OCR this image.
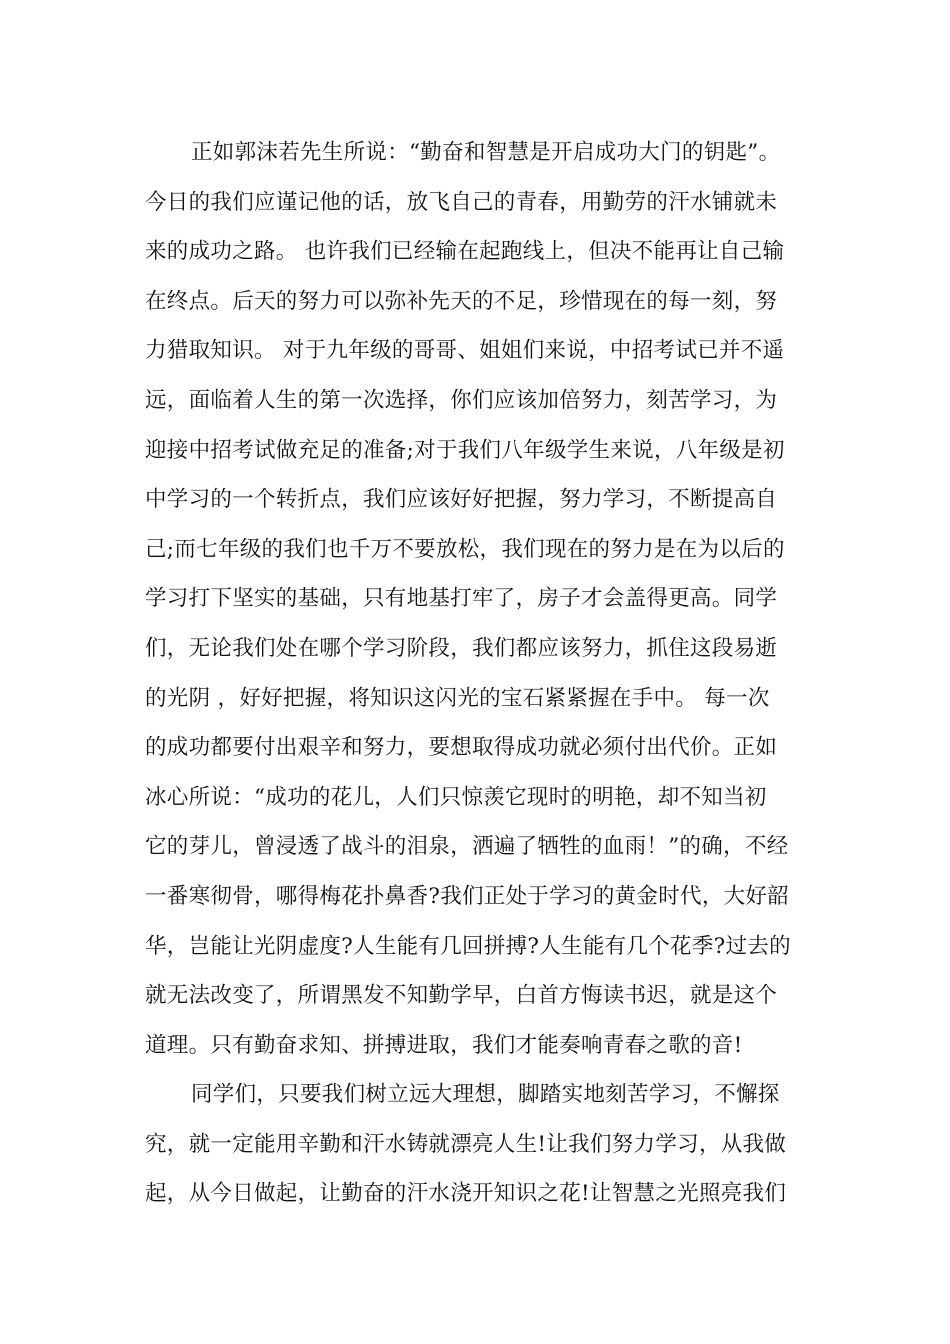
正如郭沫若先生所说：“勤奋和智慧是开启成功大门的钥匙”。
今日的我们应谨记他的话，放飞自己的青春，用勤劳的汗水铺就未
来的成功之路。 也许我们已经输在起跑线上，但决不能再让自己输
在终点。后天的努力可以弥补先天的不足，珍惜现在的每一刻，努
力猎取知识。 对于九年级的哥哥、姐姐们来说，中招考试已并不遥
远，面临着人生的第一次选择，你们应该加倍努力，刻苦学习，为
迎接中招考试做充足的准备;对于我们八年级学生来说，八年级是初
中学习的一个转折点，我们应该好好把握，努力学习，不断提高自
己;而七年级的我们也千万不要放松，我们现在的努力是在为以后的
学习打下坚实的基础，只有地基打牢了，房子才会盖得更高。同学
们，无论我们处在哪个学习阶段，我们都应该努力，抓住这段易逝
的光阴 ，好好把握，将知识这闪光的宝石紧紧握在手中。 每一次
的成功都要付出艰辛和努力，要想取得成功就必须付出代价。正如
冰心所说：“成功的花儿，人们只惊羡它现时的明艳，却不知当初
它的芽儿，曾浸透了战斗的泪泉，洒遍了牺牲的血雨！”的确，不经
一番寒彻骨，哪得梅花扑鼻香?我们正处于学习的黄金时代，大好韶
华，岂能让光阴虚度?人生能有几回拼搏?人生能有几个花季?过去的
就无法改变了，所谓黑发不知勤学早，白首方悔读书迟，就是这个
道理。只有勤奋求知、拼搏进取，我们才能奏响青春之歌的音!
同学们，只要我们树立远大理想，脚踏实地刻苦学习，不懈探
究，就一定能用辛勤和汗水铸就漂亮人生!让我们努力学习，从我做
起，从今日做起，让勤奋的汗水浇开知识之花!让智慧之光照亮我们
